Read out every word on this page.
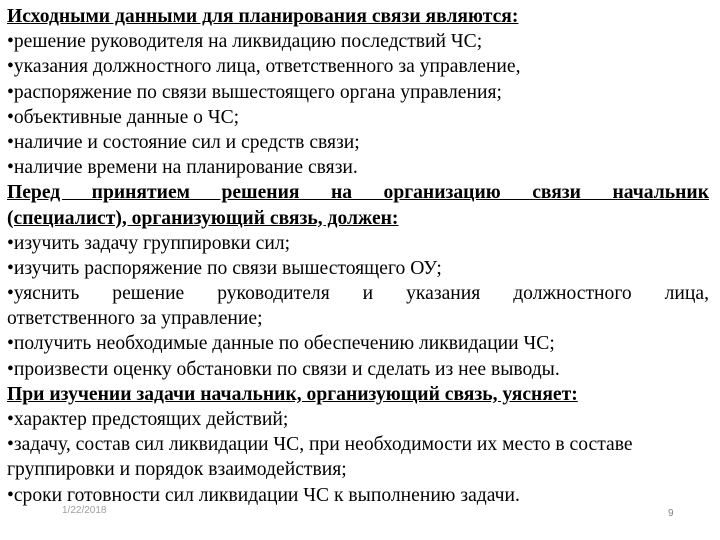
Исходными данными для планирования связи являются:
•решение руководителя на ликвидацию последствий ЧС;
•указания должностного лица, ответственного за управление,
•распоряжение по связи вышестоящего органа управления;
•объективные данные о ЧС;
•наличие и состояние сил и средств связи;
•наличие времени на планирование связи.
Перед принятием решения на организацию связи начальник
(специалист), организующий связь, должен:
•изучить задачу группировки сил;
•изучить распоряжение по связи вышестоящего ОУ;
•уяснить решение руководителя и указания должностного лица,
ответственного за управление;
•получить необходимые данные по обеспечению ликвидации ЧС;
•произвести оценку обстановки по связи и сделать из нее выводы.
При изучении задачи начальник, организующий связь, уясняет:
•характер предстоящих действий;
•задачу, состав сил ликвидации ЧС, при необходимости их место в составе
группировки и порядок взаимодействия;
•сроки готовности сил ликвидации ЧС к выполнению задачи.
1/22/2018	9
